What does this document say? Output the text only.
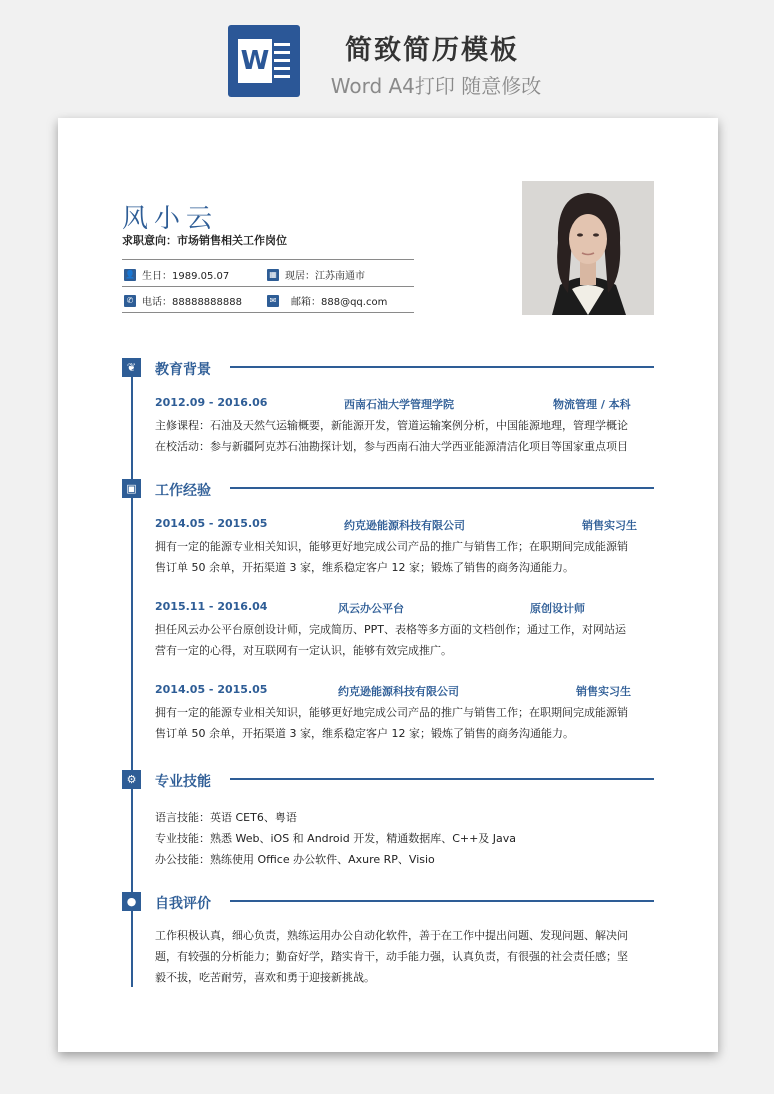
W	简致简历模板
Word A4打印 随意修改
风小云
求职意向：市场销售相关工作岗位
👤 生日：1989.05.07	▦ 现居：江苏南通市
✆ 电话：88888888888	✉ 邮箱：888@qq.com
❦	教育背景
2012.09 - 2016.06	西南石油大学管理学院	物流管理 / 本科
主修课程：石油及天然气运输概要，新能源开发，管道运输案例分析，中国能源地理，管理学概论
在校活动：参与新疆阿克苏石油勘探计划，参与西南石油大学西亚能源清洁化项目等国家重点项目
▣	工作经验
2014.05 - 2015.05	约克逊能源科技有限公司	销售实习生
拥有一定的能源专业相关知识，能够更好地完成公司产品的推广与销售工作；在职期间完成能源销
售订单 50 余单，开拓渠道 3 家，维系稳定客户 12 家；锻炼了销售的商务沟通能力。
2015.11 - 2016.04	风云办公平台	原创设计师
担任风云办公平台原创设计师，完成简历、PPT、表格等多方面的文档创作；通过工作，对网站运
营有一定的心得，对互联网有一定认识，能够有效完成推广。
2014.05 - 2015.05	约克逊能源科技有限公司	销售实习生
拥有一定的能源专业相关知识，能够更好地完成公司产品的推广与销售工作；在职期间完成能源销
售订单 50 余单，开拓渠道 3 家，维系稳定客户 12 家；锻炼了销售的商务沟通能力。
⚙	专业技能
语言技能：英语 CET6、粤语
专业技能：熟悉 Web、iOS 和 Android 开发，精通数据库、C++及 Java
办公技能：熟练使用 Office 办公软件、Axure RP、Visio
●	自我评价
工作积极认真，细心负责，熟练运用办公自动化软件，善于在工作中提出问题、发现问题、解决问
题，有较强的分析能力；勤奋好学，踏实肯干，动手能力强，认真负责，有很强的社会责任感；坚
毅不拔，吃苦耐劳，喜欢和勇于迎接新挑战。
